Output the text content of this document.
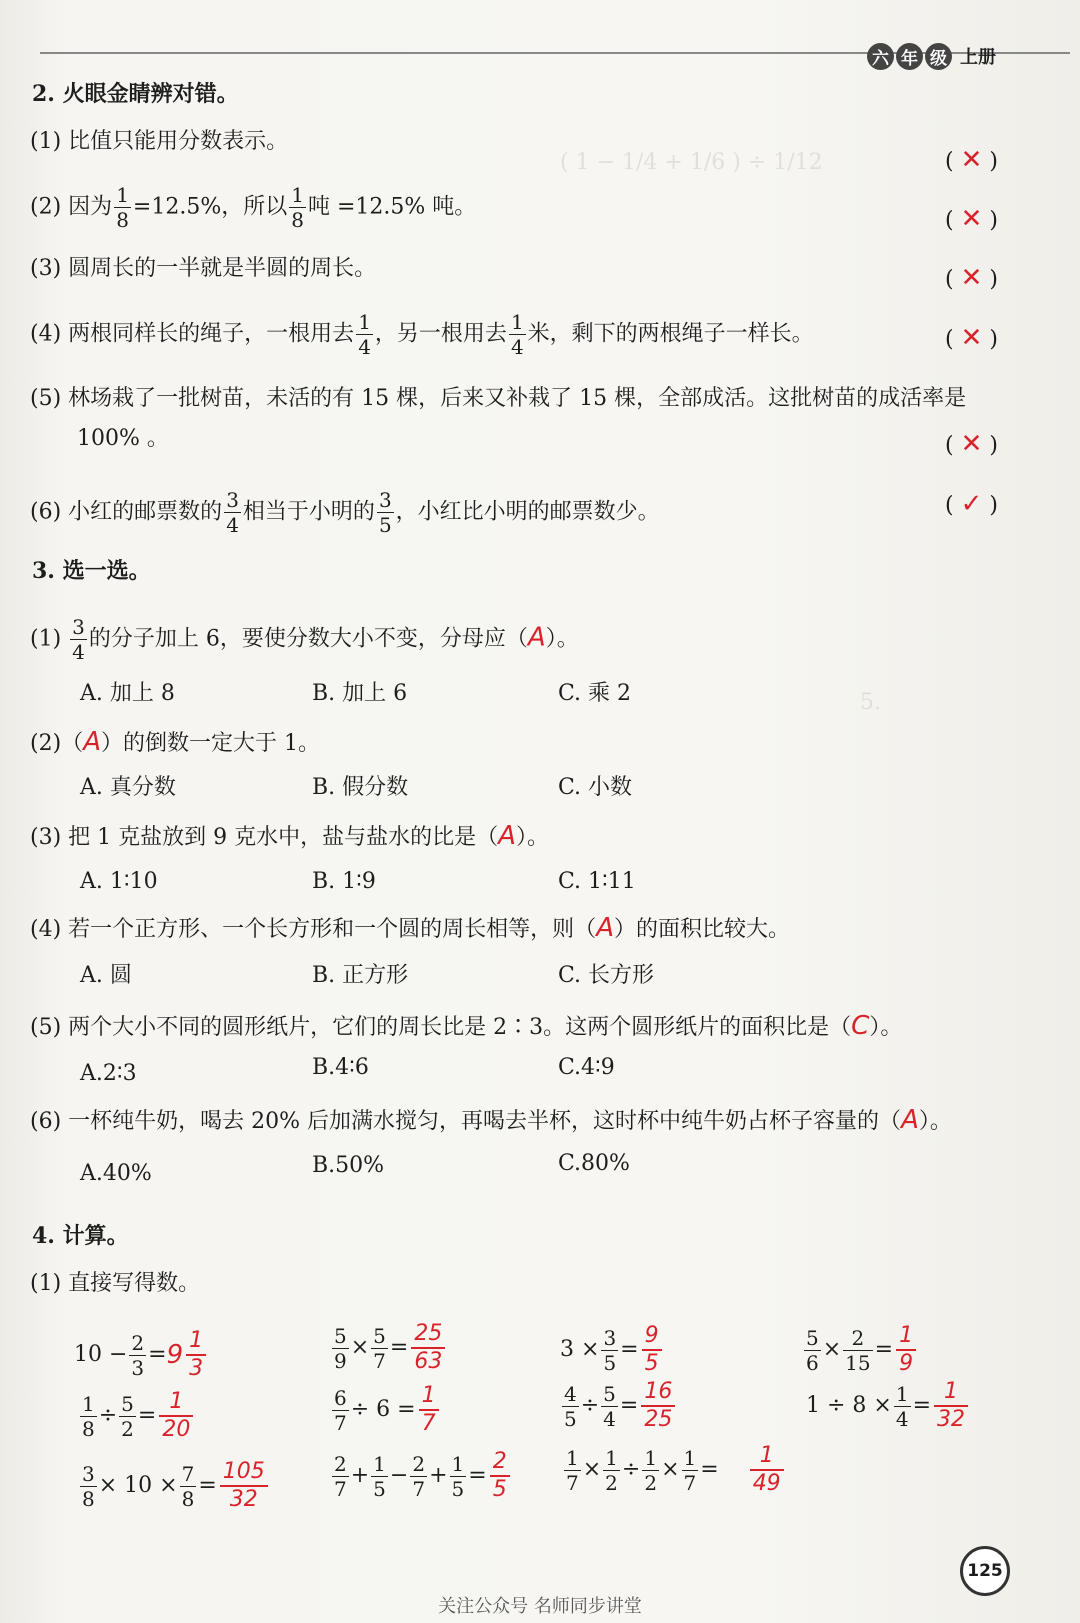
( 1 − 1/4 + 1/6 ) ÷ 1/12
5.
六 年 级 上册
2. 火眼金睛辨对错。
(1) 比值只能用分数表示。
( ✕ )
(2) 因为 $\frac{1}{8} =12.5\%$，所以 $\frac{1}{8}$ 吨 =12.5% 吨。
( ✕ )
(3) 圆周长的一半就是半圆的周长。	( ✕ )
(4) 两根同样长的绳子，一根用去 $\frac{1}{4}$ ，另一根用去 $\frac{1}{4}$ 米，剩下的两根绳子一样长。	( ✕ )
(5) 林场栽了一批树苗，未活的有 15 棵，后来又补栽了 15 棵，全部成活。这批树苗的成活率是
100% 。	( ✕ )
(6) 小红的邮票数的 $\frac{3}{4}$ 相当于小明的 $\frac{3}{5}$ ，小红比小明的邮票数少。	( ✓ )
3. 选一选。
$(1) \frac{3}{4}$ 的分子加上 6，要使分数大小不变，分母应（A）。
A. 加上 8	B. 加上 6	C. 乘 2
(2)（A）的倒数一定大于 1。
A. 真分数	B. 假分数	C. 小数
(3) 把 1 克盐放到 9 克水中，盐与盐水的比是（A）。
A. 1∶10	B. 1∶9	C. 1∶11
(4) 若一个正方形、一个长方形和一个圆的周长相等，则（A）的面积比较大。
A. 圆	B. 正方形	C. 长方形
(5) 两个大小不同的圆形纸片，它们的周长比是 2∶3。这两个圆形纸片的面积比是（C）。
A.2∶3	B.4∶6	C.4∶9
(6) 一杯纯牛奶，喝去 20% 后加满水搅匀，再喝去半杯，这时杯中纯牛奶占杯子容量的（A）。
A.40%	B.50%	C.80%
4. 计算。
(1) 直接写得数。
$10 - \frac{2}{3} = 9 \frac{1}{3}$	$\frac{5}{9} \times \frac{5}{7} = \frac{25}{63}$	$3 \times \frac{3}{5} = \frac{9}{5}$	$\frac{5}{6} \times \frac{2}{15} = \frac{1}{9}$
$\frac{1}{8} \div \frac{5}{2} = \frac{1}{20}$	$\frac{6}{7} \div 6 = \frac{1}{7}$	$\frac{4}{5} \div \frac{5}{4} = \frac{16}{25}$	$1 \div 8 \times \frac{1}{4} = \frac{1}{32}$
$\frac{3}{8} \times 10 \times \frac{7}{8} = \frac{105}{32}$	$\frac{2}{7} + \frac{1}{5} - \frac{2}{7} + \frac{1}{5} = \frac{2}{5}$	$\frac{1}{7} \times \frac{1}{2} \div \frac{1}{2} \times \frac{1}{7} = \frac{1}{49}$
125
关注公众号 名师同步讲堂
